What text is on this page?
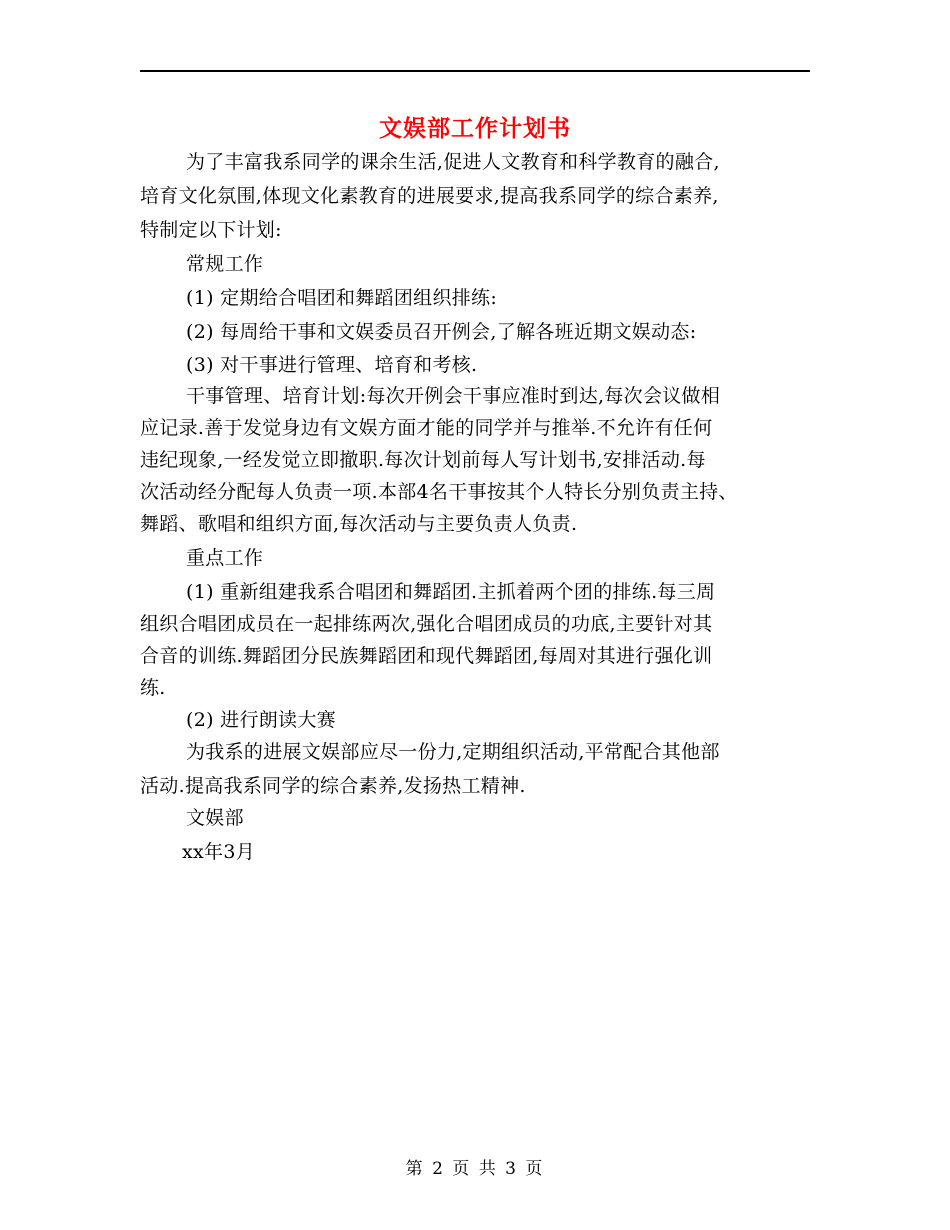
文娱部工作计划书
为了丰富我系同学的课余生活,促进人文教育和科学教育的融合,
培育文化氛围,体现文化素教育的进展要求,提高我系同学的综合素养,
特制定以下计划:
常规工作
(1) 定期给合唱团和舞蹈团组织排练:
(2) 每周给干事和文娱委员召开例会,了解各班近期文娱动态:
(3) 对干事进行管理、培育和考核.
干事管理、培育计划:每次开例会干事应准时到达,每次会议做相
应记录.善于发觉身边有文娱方面才能的同学并与推举.不允许有任何
违纪现象,一经发觉立即撤职.每次计划前每人写计划书,安排活动.每
次活动经分配每人负责一项.本部4名干事按其个人特长分别负责主持、
舞蹈、歌唱和组织方面,每次活动与主要负责人负责.
重点工作
(1) 重新组建我系合唱团和舞蹈团.主抓着两个团的排练.每三周
组织合唱团成员在一起排练两次,强化合唱团成员的功底,主要针对其
合音的训练.舞蹈团分民族舞蹈团和现代舞蹈团,每周对其进行强化训
练.
(2) 进行朗读大赛
为我系的进展文娱部应尽一份力,定期组织活动,平常配合其他部
活动.提高我系同学的综合素养,发扬热工精神.
文娱部
xx年3月
第 2 页 共 3 页
